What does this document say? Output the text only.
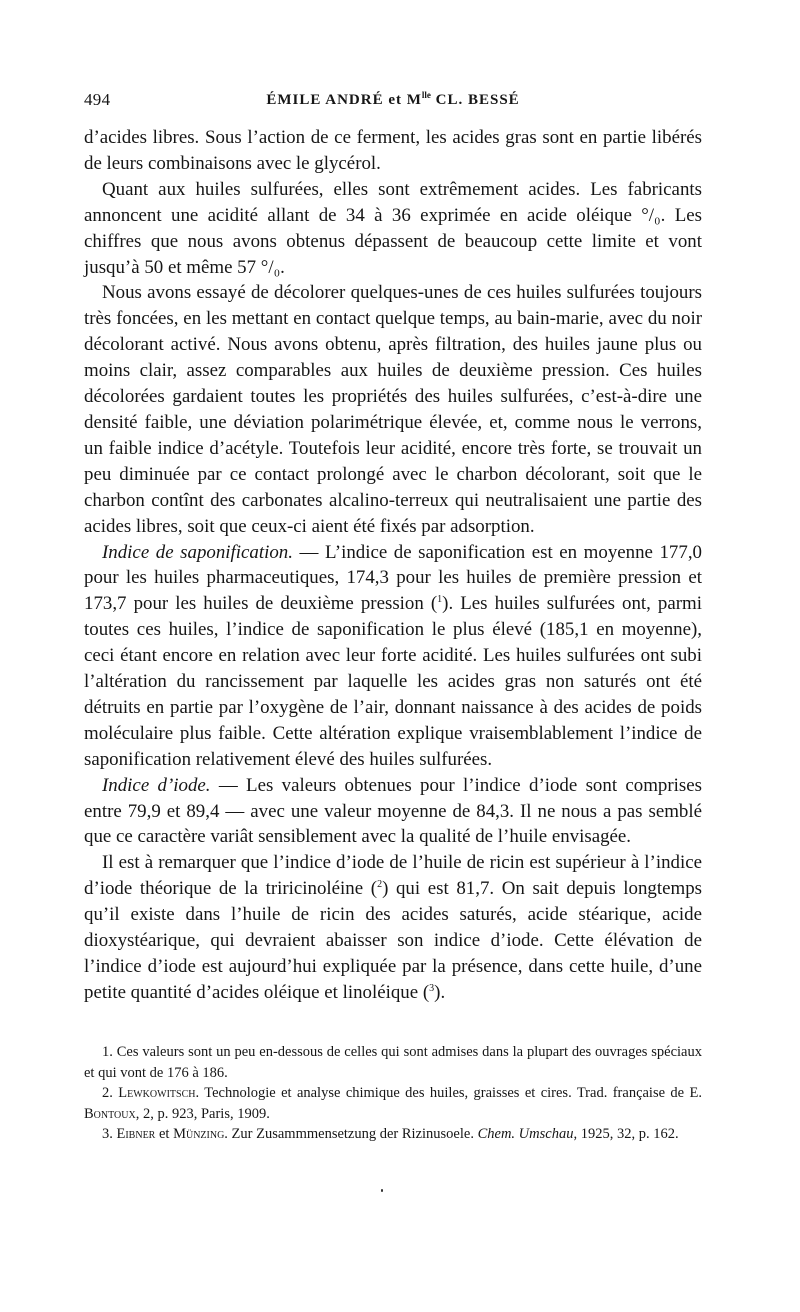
494	ÉMILE ANDRÉ et $M^{lle}$ CL. BESSÉ

d’acides libres. Sous l’action de ce ferment, les acides gras sont en partie libérés de leurs combinaisons avec le glycérol.

Quant aux huiles sulfurées, elles sont extrêmement acides. Les fabricants annoncent une acidité allant de 34 à 36 exprimée en acide oléique °/₀. Les chiffres que nous avons obtenus dépassent de beaucoup cette limite et vont jusqu’à 50 et même 57 °/₀.

Nous avons essayé de décolorer quelques-unes de ces huiles sulfurées toujours très foncées, en les mettant en contact quelque temps, au bain-marie, avec du noir décolorant activé. Nous avons obtenu, après filtration, des huiles jaune plus ou moins clair, assez comparables aux huiles de deuxième pression. Ces huiles décolorées gardaient toutes les propriétés des huiles sulfurées, c’est-à-dire une densité faible, une déviation polarimétrique élevée, et, comme nous le verrons, un faible indice d’acétyle. Toutefois leur acidité, encore très forte, se trouvait un peu diminuée par ce contact prolongé avec le charbon décolorant, soit que le charbon contînt des carbonates alcalino-terreux qui neutralisaient une partie des acides libres, soit que ceux-ci aient été fixés par adsorption.

Indice de saponification. — L’indice de saponification est en moyenne 177,0 pour les huiles pharmaceutiques, 174,3 pour les huiles de première pression et 173,7 pour les huiles de deuxième pression ($^1$). Les huiles sulfurées ont, parmi toutes ces huiles, l’indice de saponification le plus élevé (185,1 en moyenne), ceci étant encore en relation avec leur forte acidité. Les huiles sulfurées ont subi l’altération du rancissement par laquelle les acides gras non saturés ont été détruits en partie par l’oxygène de l’air, donnant naissance à des acides de poids moléculaire plus faible. Cette altération explique vraisemblablement l’indice de saponification relativement élevé des huiles sulfurées.

Indice d’iode. — Les valeurs obtenues pour l’indice d’iode sont comprises entre 79,9 et 89,4 — avec une valeur moyenne de 84,3. Il ne nous a pas semblé que ce caractère variât sensiblement avec la qualité de l’huile envisagée.

Il est à remarquer que l’indice d’iode de l’huile de ricin est supérieur à l’indice d’iode théorique de la triricinoléine ($^2$) qui est 81,7. On sait depuis longtemps qu’il existe dans l’huile de ricin des acides saturés, acide stéarique, acide dioxystéarique, qui devraient abaisser son indice d’iode. Cette élévation de l’indice d’iode est aujourd’hui expliquée par la présence, dans cette huile, d’une petite quantité d’acides oléique et linoléique ($^3$).

1. Ces valeurs sont un peu en-dessous de celles qui sont admises dans la plupart des ouvrages spéciaux et qui vont de 176 à 186.

2. Lewkowitsch. Technologie et analyse chimique des huiles, graisses et cires. Trad. française de E. Bontoux, 2, p. 923, Paris, 1909.

3. Eibner et Münzing. Zur Zusammmensetzung der Rizinusoele. Chem. Umschau, 1925, 32, p. 162.
